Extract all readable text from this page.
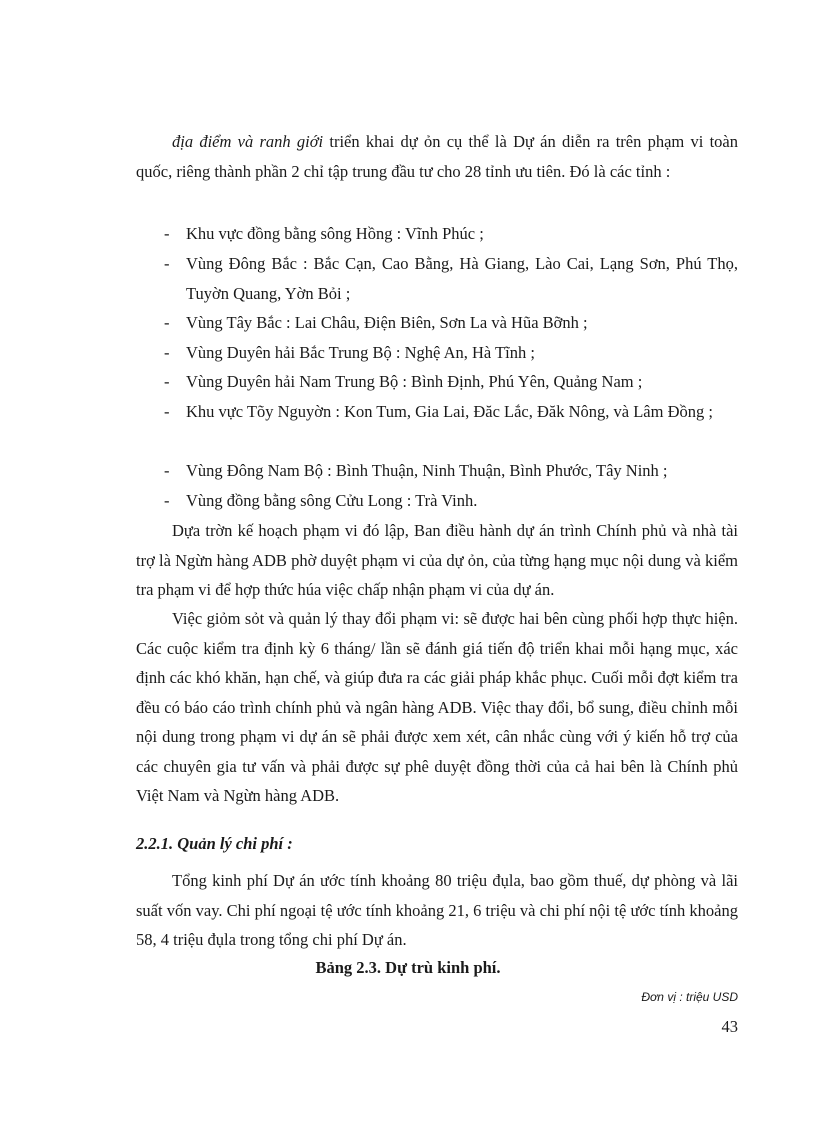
địa điểm và ranh giới triển khai dự ỏn cụ thể là Dự án diễn ra trên phạm vi toàn quốc, riêng thành phần 2 chỉ tập trung đầu tư cho 28 tỉnh ưu tiên. Đó là các tỉnh :

- Khu vực đồng bằng sông Hồng : Vĩnh Phúc ;

- Vùng Đông Bắc : Bắc Cạn, Cao Bằng, Hà Giang, Lào Cai, Lạng Sơn, Phú Thọ, Tuyờn Quang, Yờn Bỏi ;

- Vùng Tây Bắc : Lai Châu, Điện Biên, Sơn La và Hũa Bỡnh ;

- Vùng Duyên hải Bắc Trung Bộ : Nghệ An, Hà Tĩnh ;

- Vùng Duyên hải Nam Trung Bộ : Bình Định, Phú Yên, Quảng Nam ;

- Khu vực Tõy Nguyờn : Kon Tum, Gia Lai, Đăc Lắc, Đăk Nông, và Lâm Đồng ;

- Vùng Đông Nam Bộ : Bình Thuận, Ninh Thuận, Bình Phước, Tây Ninh ;

- Vùng đồng bằng sông Cửu Long : Trà Vinh.

Dựa trờn kế hoạch phạm vi đó lập, Ban điều hành dự án trình Chính phủ và nhà tài trợ là Ngừn hàng ADB phờ duyệt phạm vi của dự ỏn, của từng hạng mục nội dung và kiểm tra phạm vi để hợp thức húa việc chấp nhận phạm vi của dự án.

Việc giỏm sỏt và quản lý thay đổi phạm vi: sẽ được hai bên cùng phối hợp thực hiện. Các cuộc kiểm tra định kỳ 6 tháng/ lần sẽ đánh giá tiến độ triển khai mỗi hạng mục, xác định các khó khăn, hạn chế, và giúp đưa ra các giải pháp khắc phục. Cuối mỗi đợt kiểm tra đều có báo cáo trình chính phủ và ngân hàng ADB. Việc thay đổi, bổ sung, điều chỉnh mỗi nội dung trong phạm vi dự án sẽ phải được xem xét, cân nhắc cùng với ý kiến hỗ trợ của các chuyên gia tư vấn và phải được sự phê duyệt đồng thời của cả hai bên là Chính phủ Việt Nam và Ngừn hàng ADB.

2.2.1. Quản lý chi phí :

Tổng kinh phí Dự án ước tính khoảng 80 triệu đụla, bao gồm thuế, dự phòng và lãi suất vốn vay. Chi phí ngoại tệ ước tính khoảng 21, 6 triệu và chi phí nội tệ ước tính khoảng 58, 4 triệu đụla trong tổng chi phí Dự án.

Bảng 2.3. Dự trù kinh phí.
Đơn vị : triệu USD
43
